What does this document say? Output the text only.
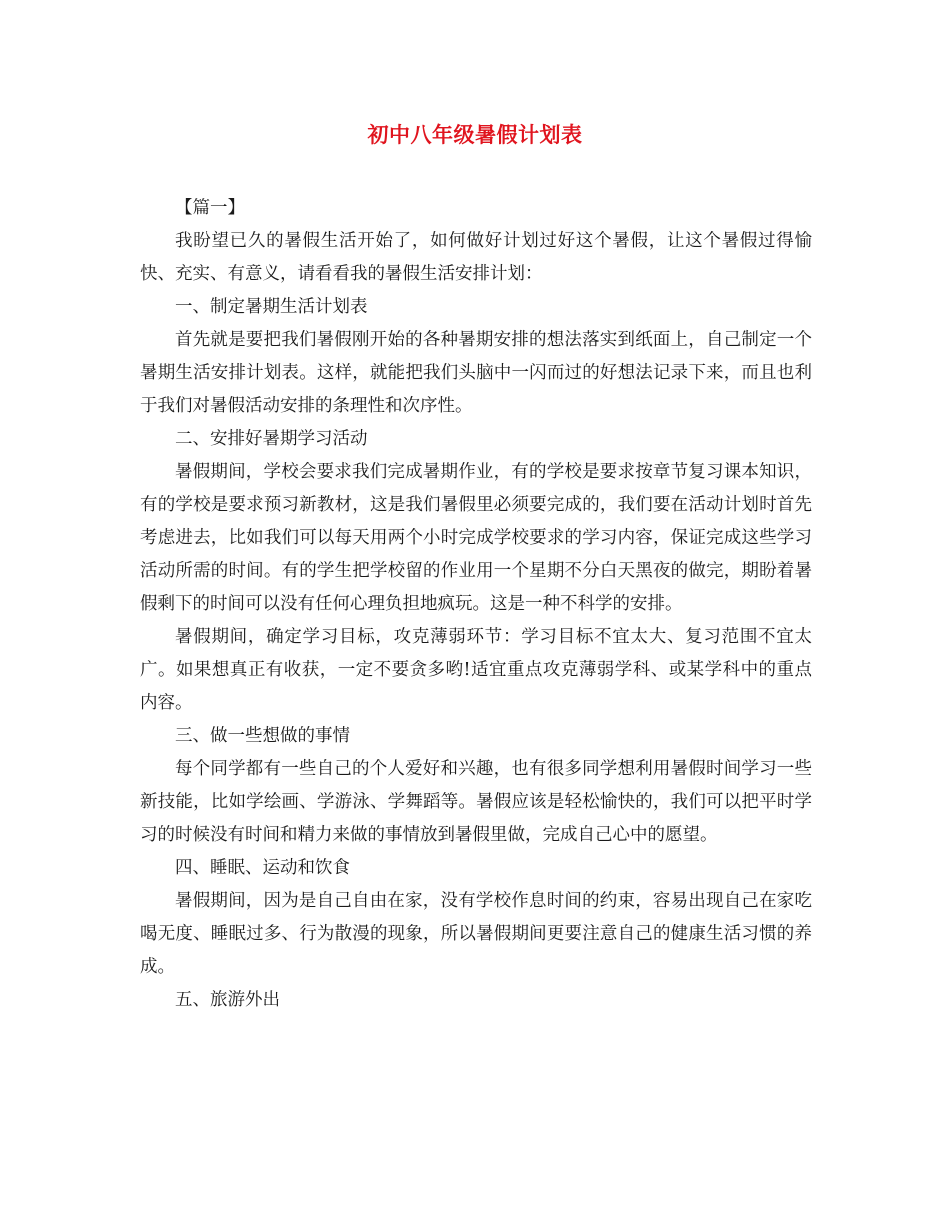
初中八年级暑假计划表

【篇一】

我盼望已久的暑假生活开始了，如何做好计划过好这个暑假，让这个暑假过得愉快、充实、有意义，请看看我的暑假生活安排计划：

一、制定暑期生活计划表

首先就是要把我们暑假刚开始的各种暑期安排的想法落实到纸面上，自己制定一个暑期生活安排计划表。这样，就能把我们头脑中一闪而过的好想法记录下来，而且也利于我们对暑假活动安排的条理性和次序性。

二、安排好暑期学习活动

暑假期间，学校会要求我们完成暑期作业，有的学校是要求按章节复习课本知识，有的学校是要求预习新教材，这是我们暑假里必须要完成的，我们要在活动计划时首先考虑进去，比如我们可以每天用两个小时完成学校要求的学习内容，保证完成这些学习活动所需的时间。有的学生把学校留的作业用一个星期不分白天黑夜的做完，期盼着暑假剩下的时间可以没有任何心理负担地疯玩。这是一种不科学的安排。

暑假期间，确定学习目标，攻克薄弱环节：学习目标不宜太大、复习范围不宜太广。如果想真正有收获，一定不要贪多哟!适宜重点攻克薄弱学科、或某学科中的重点内容。

三、做一些想做的事情

每个同学都有一些自己的个人爱好和兴趣，也有很多同学想利用暑假时间学习一些新技能，比如学绘画、学游泳、学舞蹈等。暑假应该是轻松愉快的，我们可以把平时学习的时候没有时间和精力来做的事情放到暑假里做，完成自己心中的愿望。

四、睡眠、运动和饮食

暑假期间，因为是自己自由在家，没有学校作息时间的约束，容易出现自己在家吃喝无度、睡眠过多、行为散漫的现象，所以暑假期间更要注意自己的健康生活习惯的养成。

五、旅游外出
